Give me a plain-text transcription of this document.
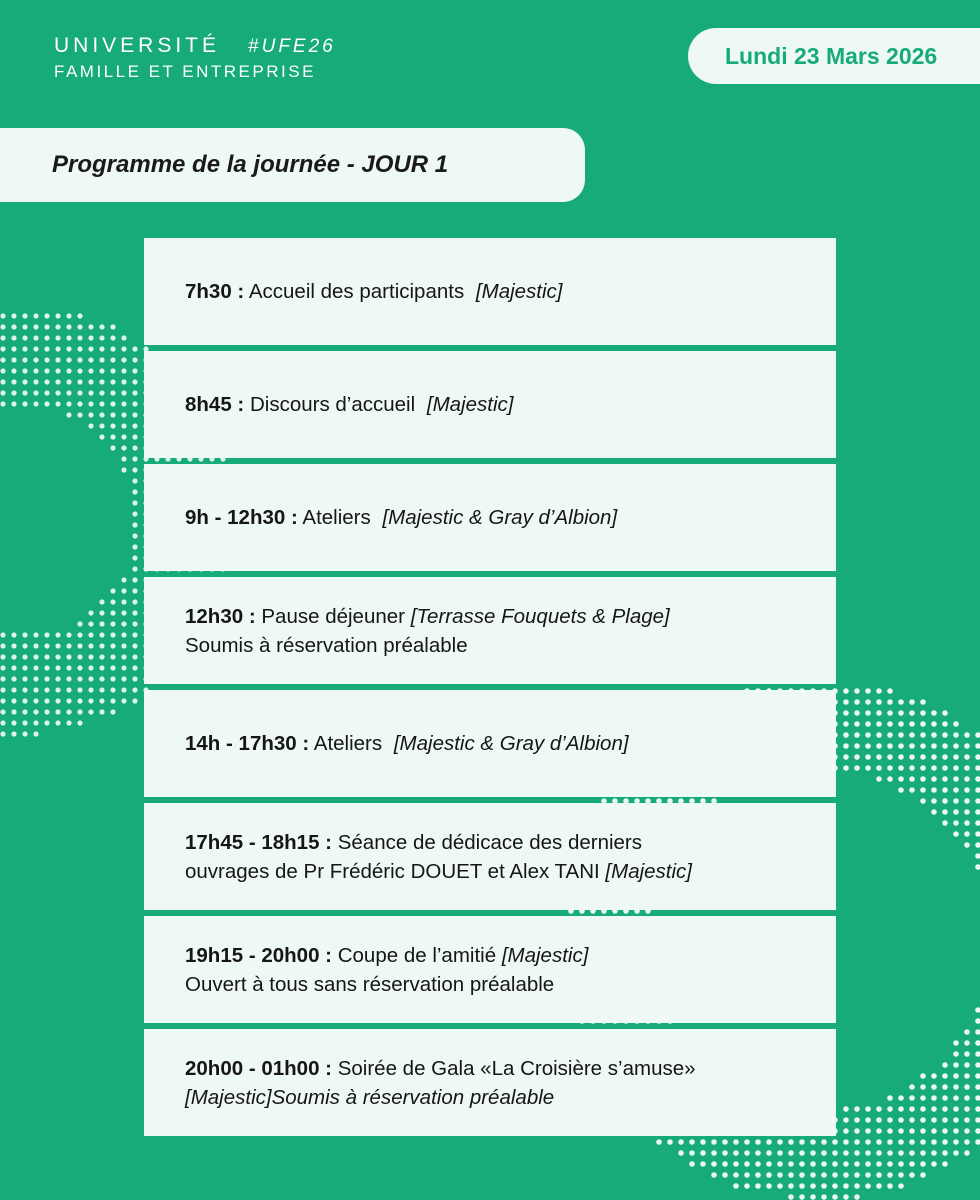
UNIVERSITÉ #UFE26
FAMILLE ET ENTREPRISE
Lundi 23 Mars 2026
Programme de la journée - JOUR 1
7h30 : Accueil des participants [Majestic]
8h45 : Discours d’accueil [Majestic]
9h - 12h30 : Ateliers [Majestic & Gray d’Albion]
12h30 : Pause déjeuner [Terrasse Fouquets & Plage]
Soumis à réservation préalable
14h - 17h30 : Ateliers [Majestic & Gray d’Albion]
17h45 - 18h15 : Séance de dédicace des derniers
ouvrages de Pr Frédéric DOUET et Alex TANI [Majestic]
19h15 - 20h00 : Coupe de l’amitié [Majestic]
Ouvert à tous sans réservation préalable
20h00 - 01h00 : Soirée de Gala «La Croisière s’amuse»
[Majestic]Soumis à réservation préalable
